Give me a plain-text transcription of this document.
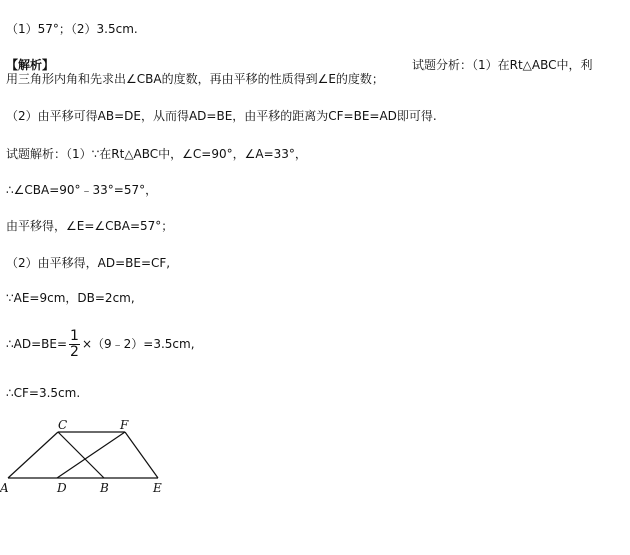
（1）57°；（2）3.5cm.
【解析】	试题分析：（1）在Rt△ABC中，利
用三角形内角和先求出∠CBA的度数，再由平移的性质得到∠E的度数；
（2）由平移可得AB=DE，从而得AD=BE，由平移的距离为CF=BE=AD即可得.
试题解析：（1）∵在Rt△ABC中，∠C=90°，∠A=33°，
∴∠CBA=90°﹣33°=57°，
由平移得，∠E=∠CBA=57°；
（2）由平移得，AD=BE=CF,
∵AE=9cm，DB=2cm,
∴AD=BE= $\frac{1}{2}$ ×（9﹣2）=3.5cm,
∴CF=3.5cm.
C	F
A	D	B	E
